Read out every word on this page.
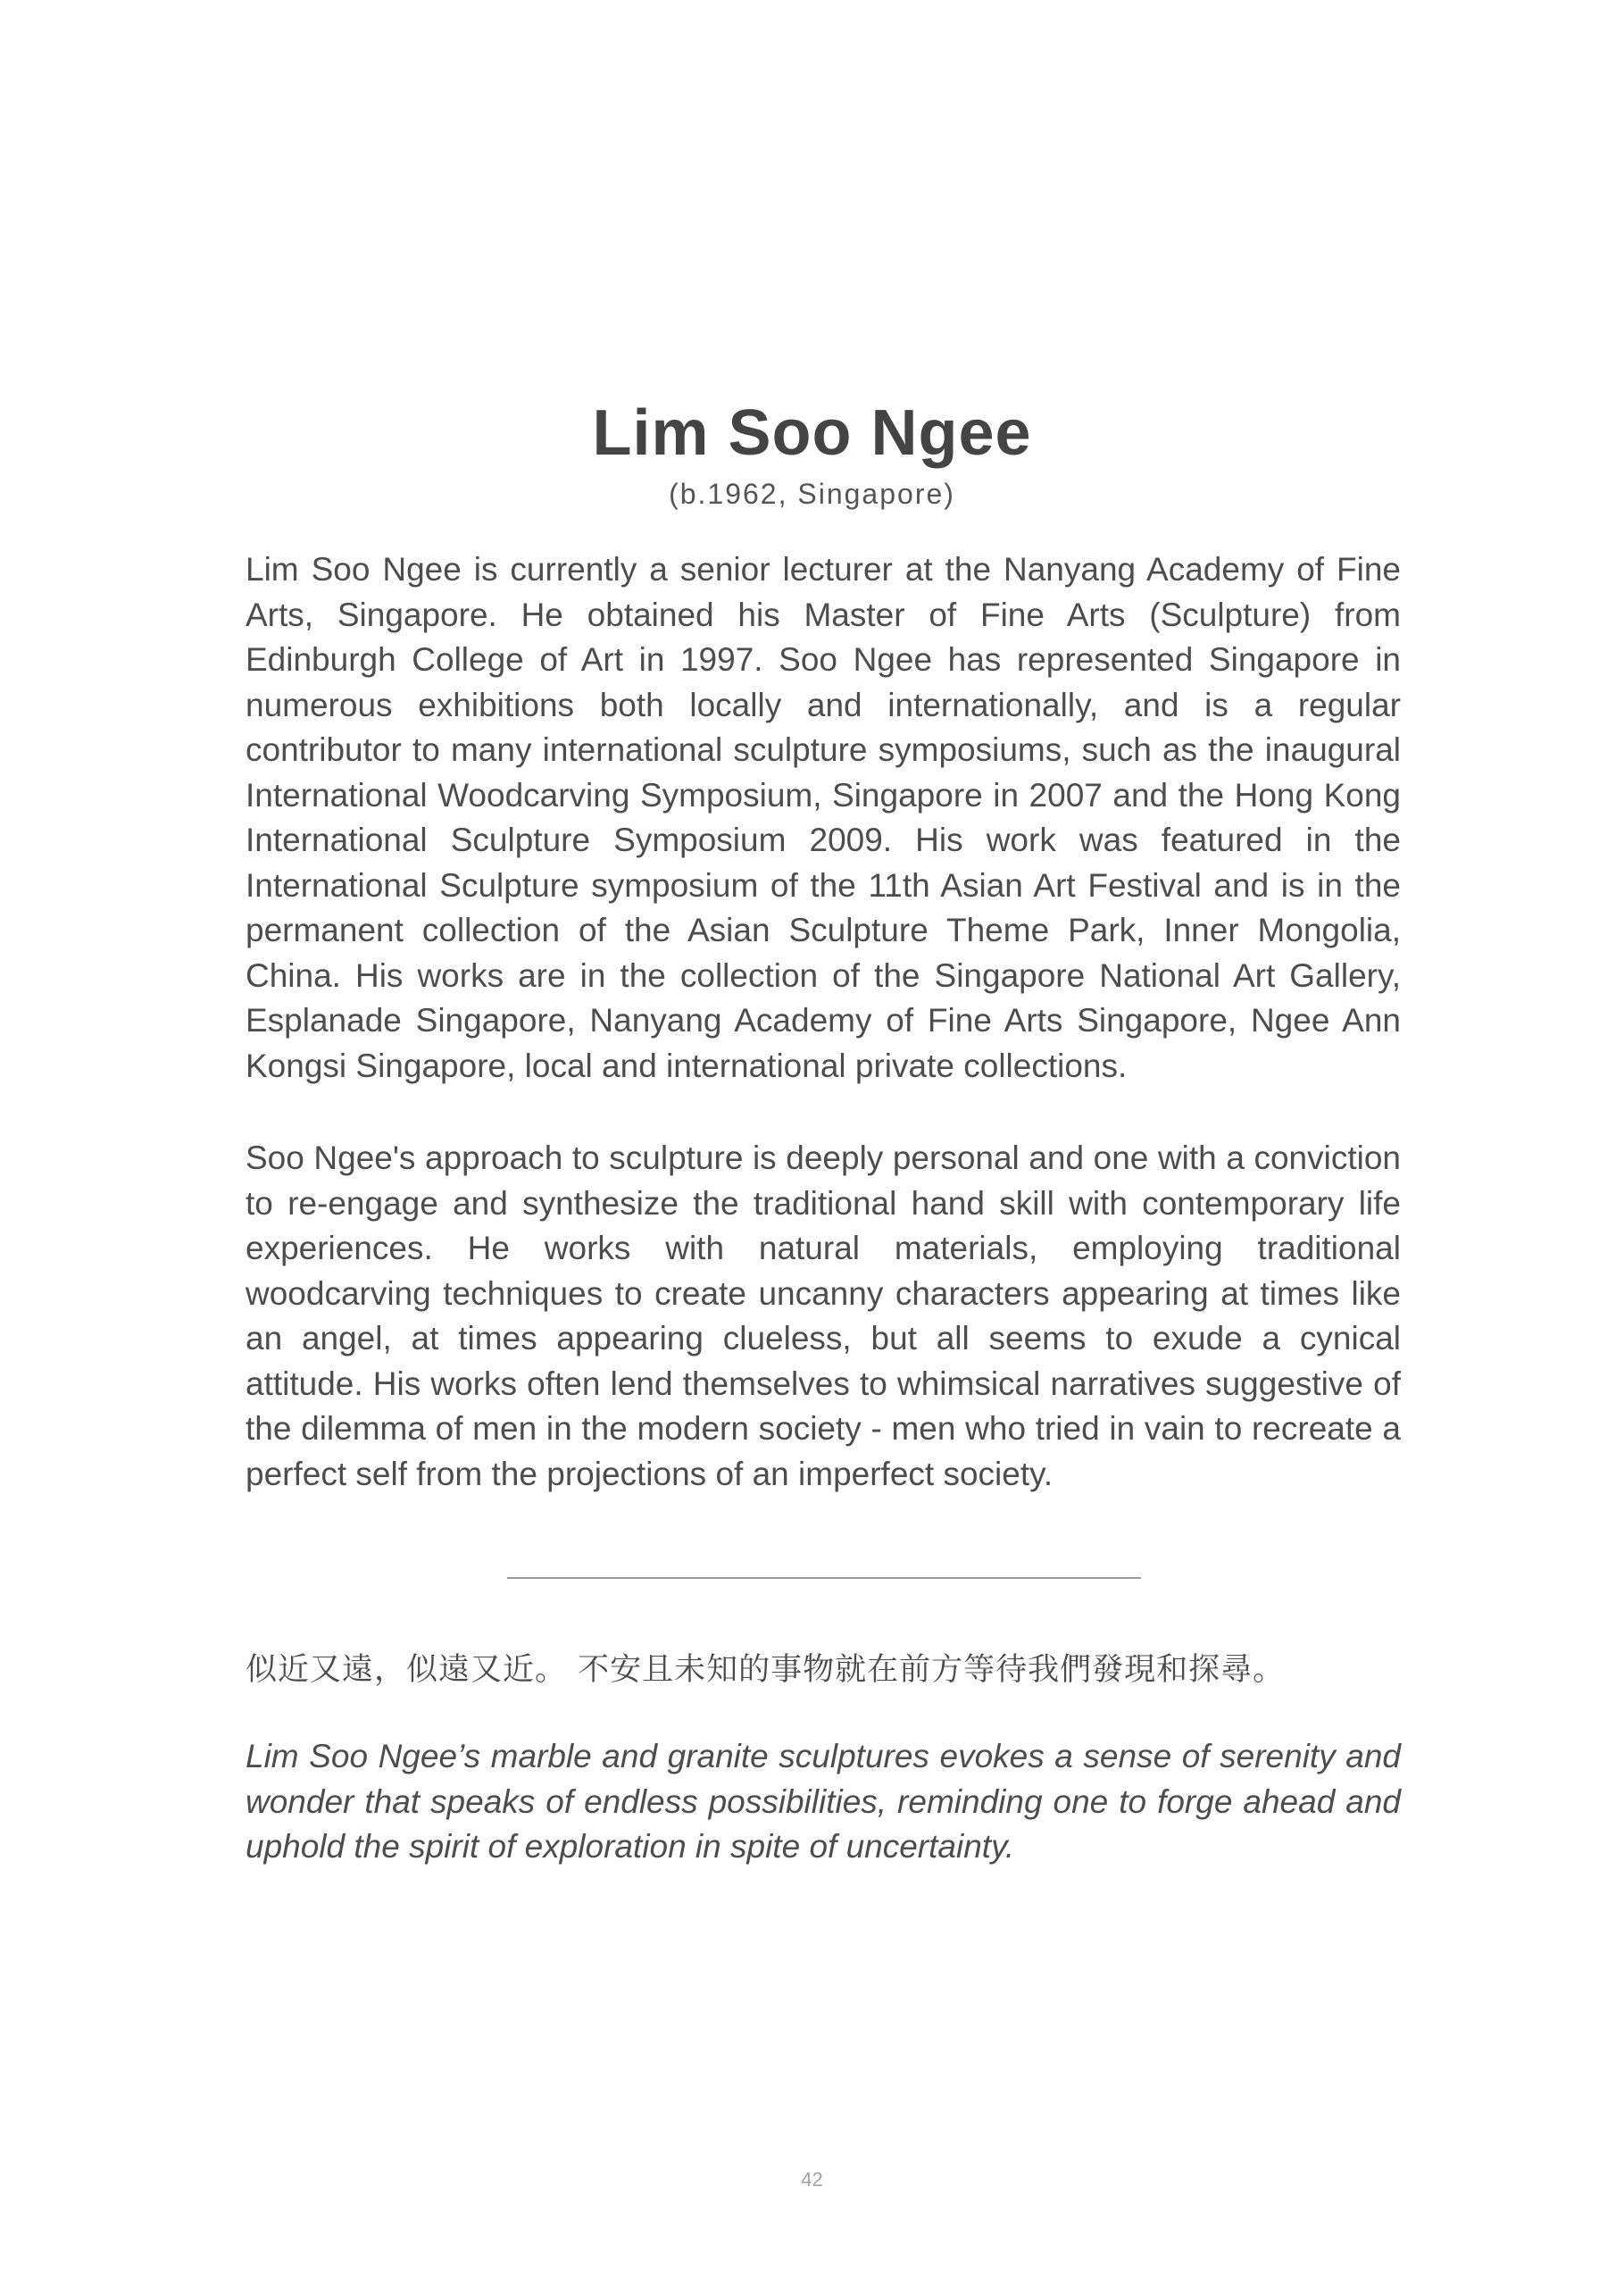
Lim Soo Ngee
(b.1962, Singapore)

Lim Soo Ngee is currently a senior lecturer at the Nanyang Academy of Fine Arts, Singapore. He obtained his Master of Fine Arts (Sculpture) from Edinburgh College of Art in 1997. Soo Ngee has represented Singapore in numerous exhibitions both locally and internationally, and is a regular contributor to many international sculpture symposiums, such as the inaugural International Woodcarving Symposium, Singapore in 2007 and the Hong Kong International Sculpture Symposium 2009. His work was featured in the International Sculpture symposium of the 11th Asian Art Festival and is in the permanent collection of the Asian Sculpture Theme Park, Inner Mongolia, China. His works are in the collection of the Singapore National Art Gallery, Esplanade Singapore, Nanyang Academy of Fine Arts Singapore, Ngee Ann Kongsi Singapore, local and international private collections.

Soo Ngee's approach to sculpture is deeply personal and one with a conviction to re-engage and synthesize the traditional hand skill with contemporary life experiences. He works with natural materials, employing traditional woodcarving techniques to create uncanny characters appearing at times like an angel, at times appearing clueless, but all seems to exude a cynical attitude. His works often lend themselves to whimsical narratives suggestive of the dilemma of men in the modern society - men who tried in vain to recreate a perfect self from the projections of an imperfect society.

似近又遠，似遠又近。 不安且未知的事物就在前方等待我們發現和探尋。

Lim Soo Ngee’s marble and granite sculptures evokes a sense of serenity and wonder that speaks of endless possibilities, reminding one to forge ahead and uphold the spirit of exploration in spite of uncertainty.

42
